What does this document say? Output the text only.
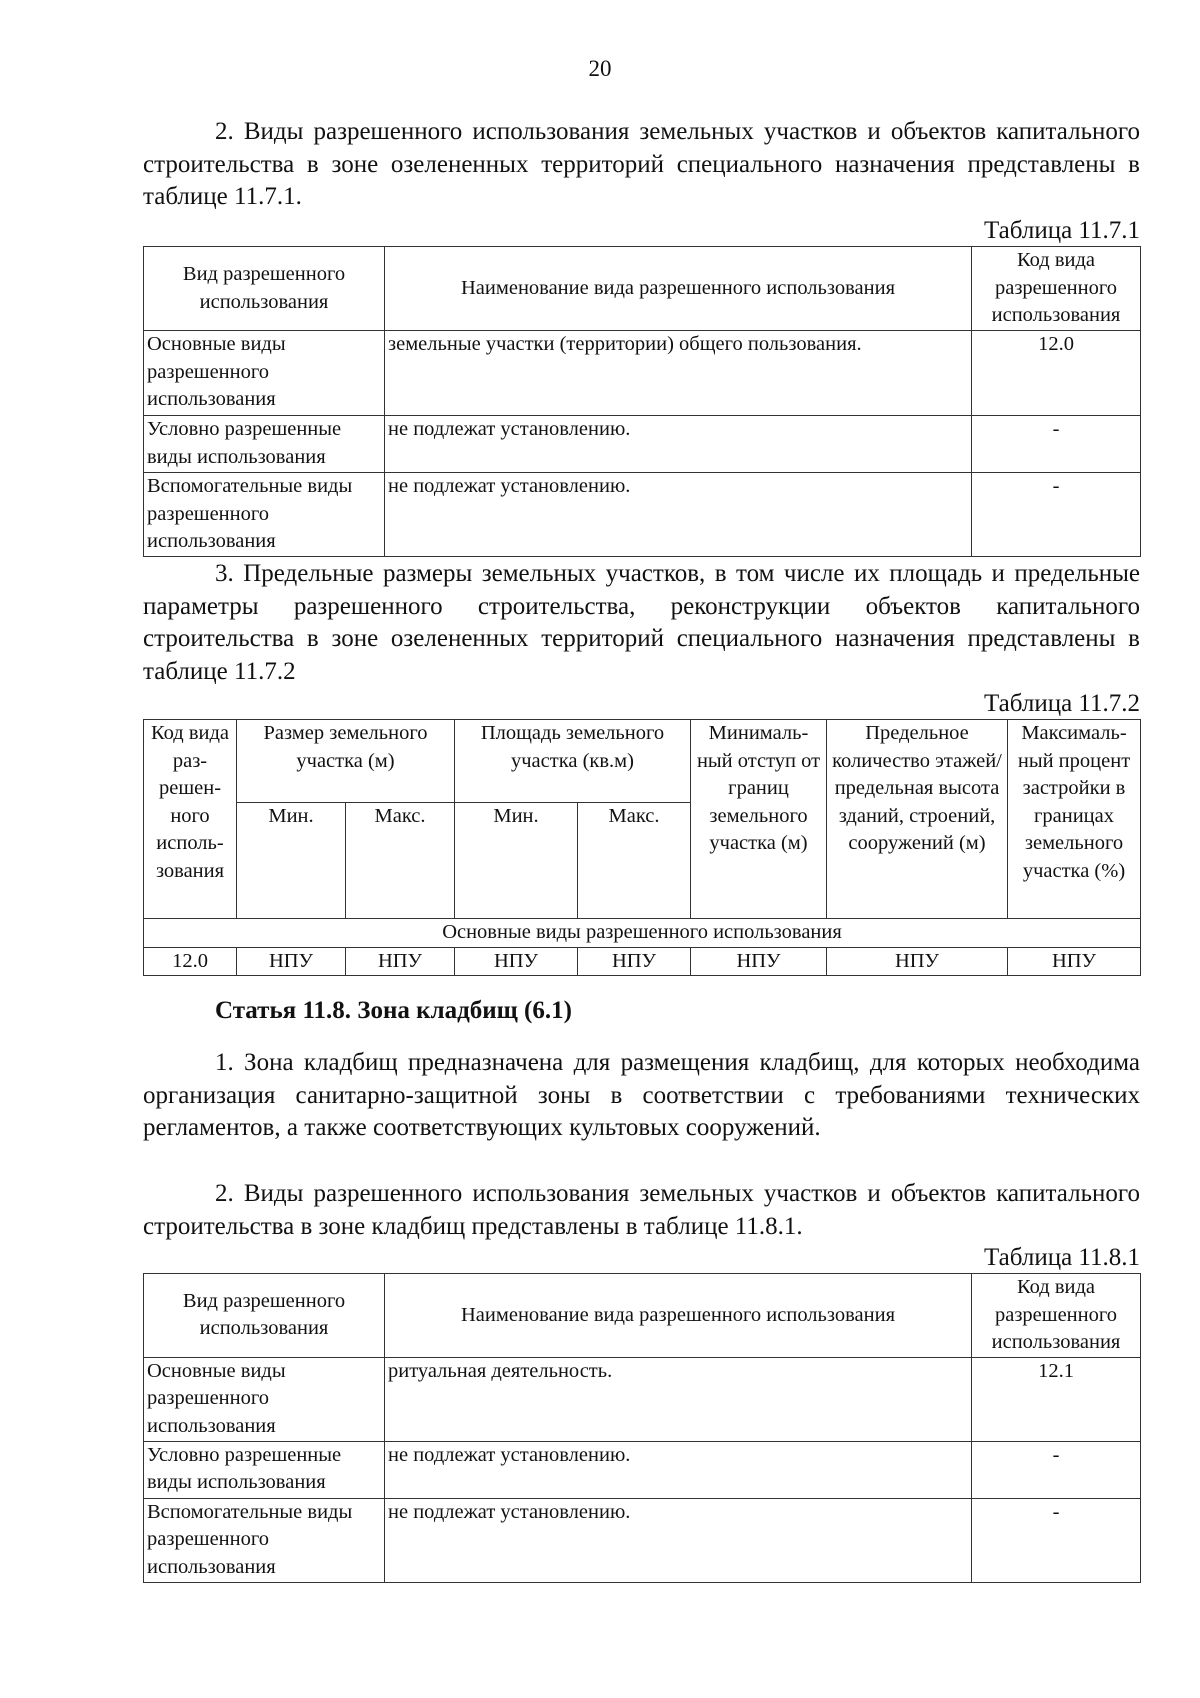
20

2. Виды разрешенного использования земельных участков и объектов капитального строительства в зоне озелененных территорий специального назначения представлены в таблице 11.7.1.

Таблица 11.7.1
Вид разрешенного использования	Наименование вида разрешенного использования	Код вида разрешенного использования
Основные виды разрешенного использования	земельные участки (территории) общего пользования.	12.0
Условно разрешенные виды использования	не подлежат установлению.	-
Вспомогательные виды разрешенного использования	не подлежат установлению.	-

3. Предельные размеры земельных участков, в том числе их площадь и предельные параметры разрешенного строительства, реконструкции объектов капитального строительства в зоне озелененных территорий специального назначения представлены в таблице 11.7.2

Таблица 11.7.2
Код вида раз- решен- ного исполь- зования	Размер земельного участка (м)		Площадь земельного участка (кв.м)		Минималь- ный отступ от границ земельного участка (м)	Предельное количество этажей/ предельная высота зданий, строений, сооружений (м)	Максималь- ный процент застройки в границах земельного участка (%)
	Мин.	Макс.	Мин.	Макс.			
Основные виды разрешенного использования							
12.0	НПУ	НПУ	НПУ	НПУ	НПУ	НПУ	НПУ
Статья 11.8. Зона кладбищ (6.1)

1. Зона кладбищ предназначена для размещения кладбищ, для которых необходима организация санитарно-защитной зоны в соответствии с требованиями технических регламентов, а также соответствующих культовых сооружений.

2. Виды разрешенного использования земельных участков и объектов капитального строительства в зоне кладбищ представлены в таблице 11.8.1.

Таблица 11.8.1
Вид разрешенного использования	Наименование вида разрешенного использования	Код вида разрешенного использования
Основные виды разрешенного использования	ритуальная деятельность.	12.1
Условно разрешенные виды использования	не подлежат установлению.	-
Вспомогательные виды разрешенного использования	не подлежат установлению.	-
